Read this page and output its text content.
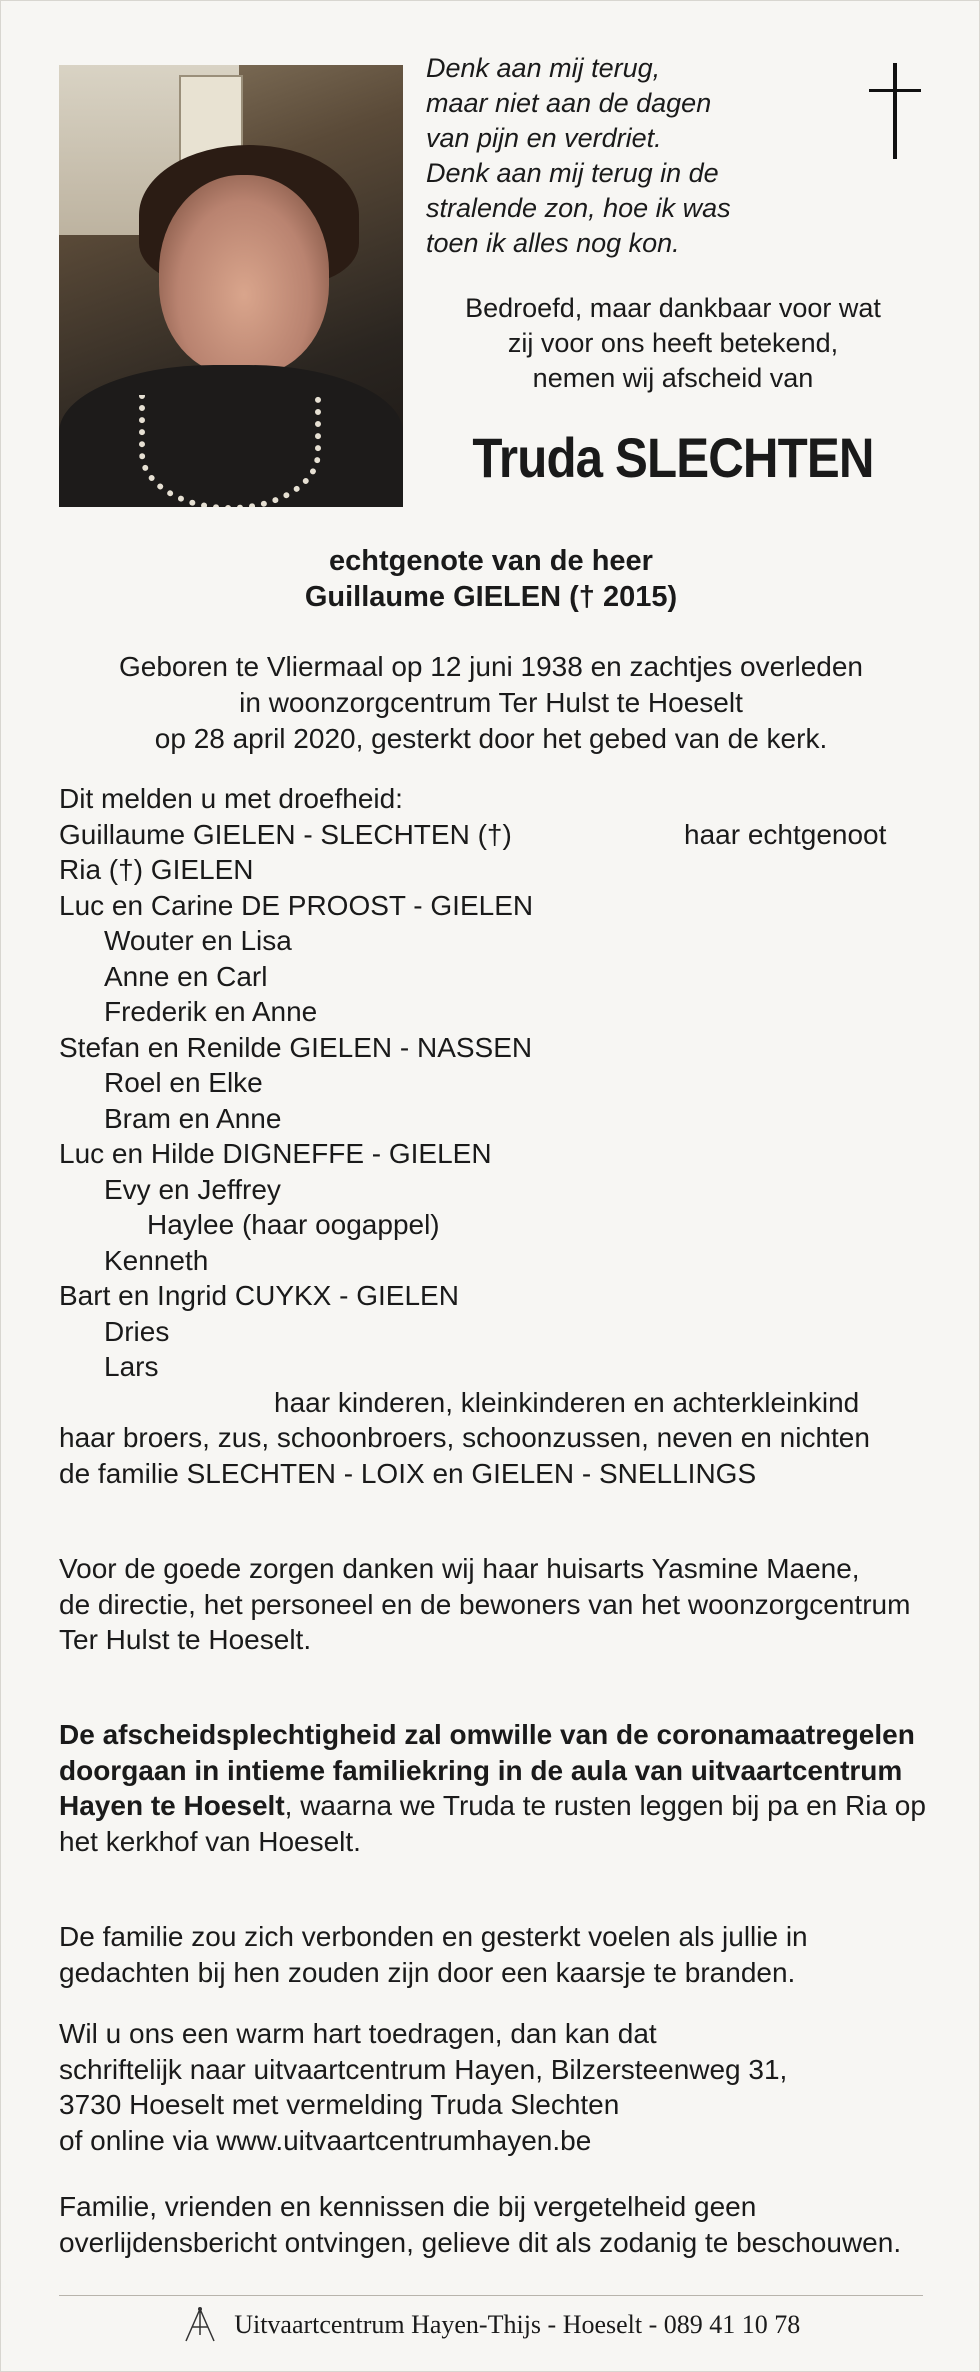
Denk aan mij terug,
maar niet aan de dagen
van pijn en verdriet.
Denk aan mij terug in de
stralende zon, hoe ik was
toen ik alles nog kon.
Bedroefd, maar dankbaar voor wat
zij voor ons heeft betekend,
nemen wij afscheid van
Truda SLECHTEN
echtgenote van de heer
Guillaume GIELEN († 2015)
Geboren te Vliermaal op 12 juni 1938 en zachtjes overleden
in woonzorgcentrum Ter Hulst te Hoeselt
op 28 april 2020, gesterkt door het gebed van de kerk.
Dit melden u met droefheid:
Guillaume GIELEN - SLECHTEN (†)	haar echtgenoot
Ria (†) GIELEN
Luc en Carine DE PROOST - GIELEN
Wouter en Lisa
Anne en Carl
Frederik en Anne
Stefan en Renilde GIELEN - NASSEN
Roel en Elke
Bram en Anne
Luc en Hilde DIGNEFFE - GIELEN
Evy en Jeffrey
Haylee (haar oogappel)
Kenneth
Bart en Ingrid CUYKX - GIELEN
Dries
Lars
haar kinderen, kleinkinderen en achterkleinkind
haar broers, zus, schoonbroers, schoonzussen, neven en nichten
de familie SLECHTEN - LOIX en GIELEN - SNELLINGS
Voor de goede zorgen danken wij haar huisarts Yasmine Maene,
de directie, het personeel en de bewoners van het woonzorgcentrum Ter Hulst te Hoeselt.
De afscheidsplechtigheid zal omwille van de coronamaatregelen doorgaan in intieme familiekring in de aula van uitvaartcentrum Hayen te Hoeselt, waarna we Truda te rusten leggen bij pa en Ria op het kerkhof van Hoeselt.
De familie zou zich verbonden en gesterkt voelen als jullie in gedachten bij hen zouden zijn door een kaarsje te branden.
Wil u ons een warm hart toedragen, dan kan dat
schriftelijk naar uitvaartcentrum Hayen, Bilzersteenweg 31,
3730 Hoeselt met vermelding Truda Slechten
of online via www.uitvaartcentrumhayen.be
Familie, vrienden en kennissen die bij vergetelheid geen overlijdensbericht ontvingen, gelieve dit als zodanig te beschouwen.
Uitvaartcentrum Hayen-Thijs - Hoeselt - 089 41 10 78
